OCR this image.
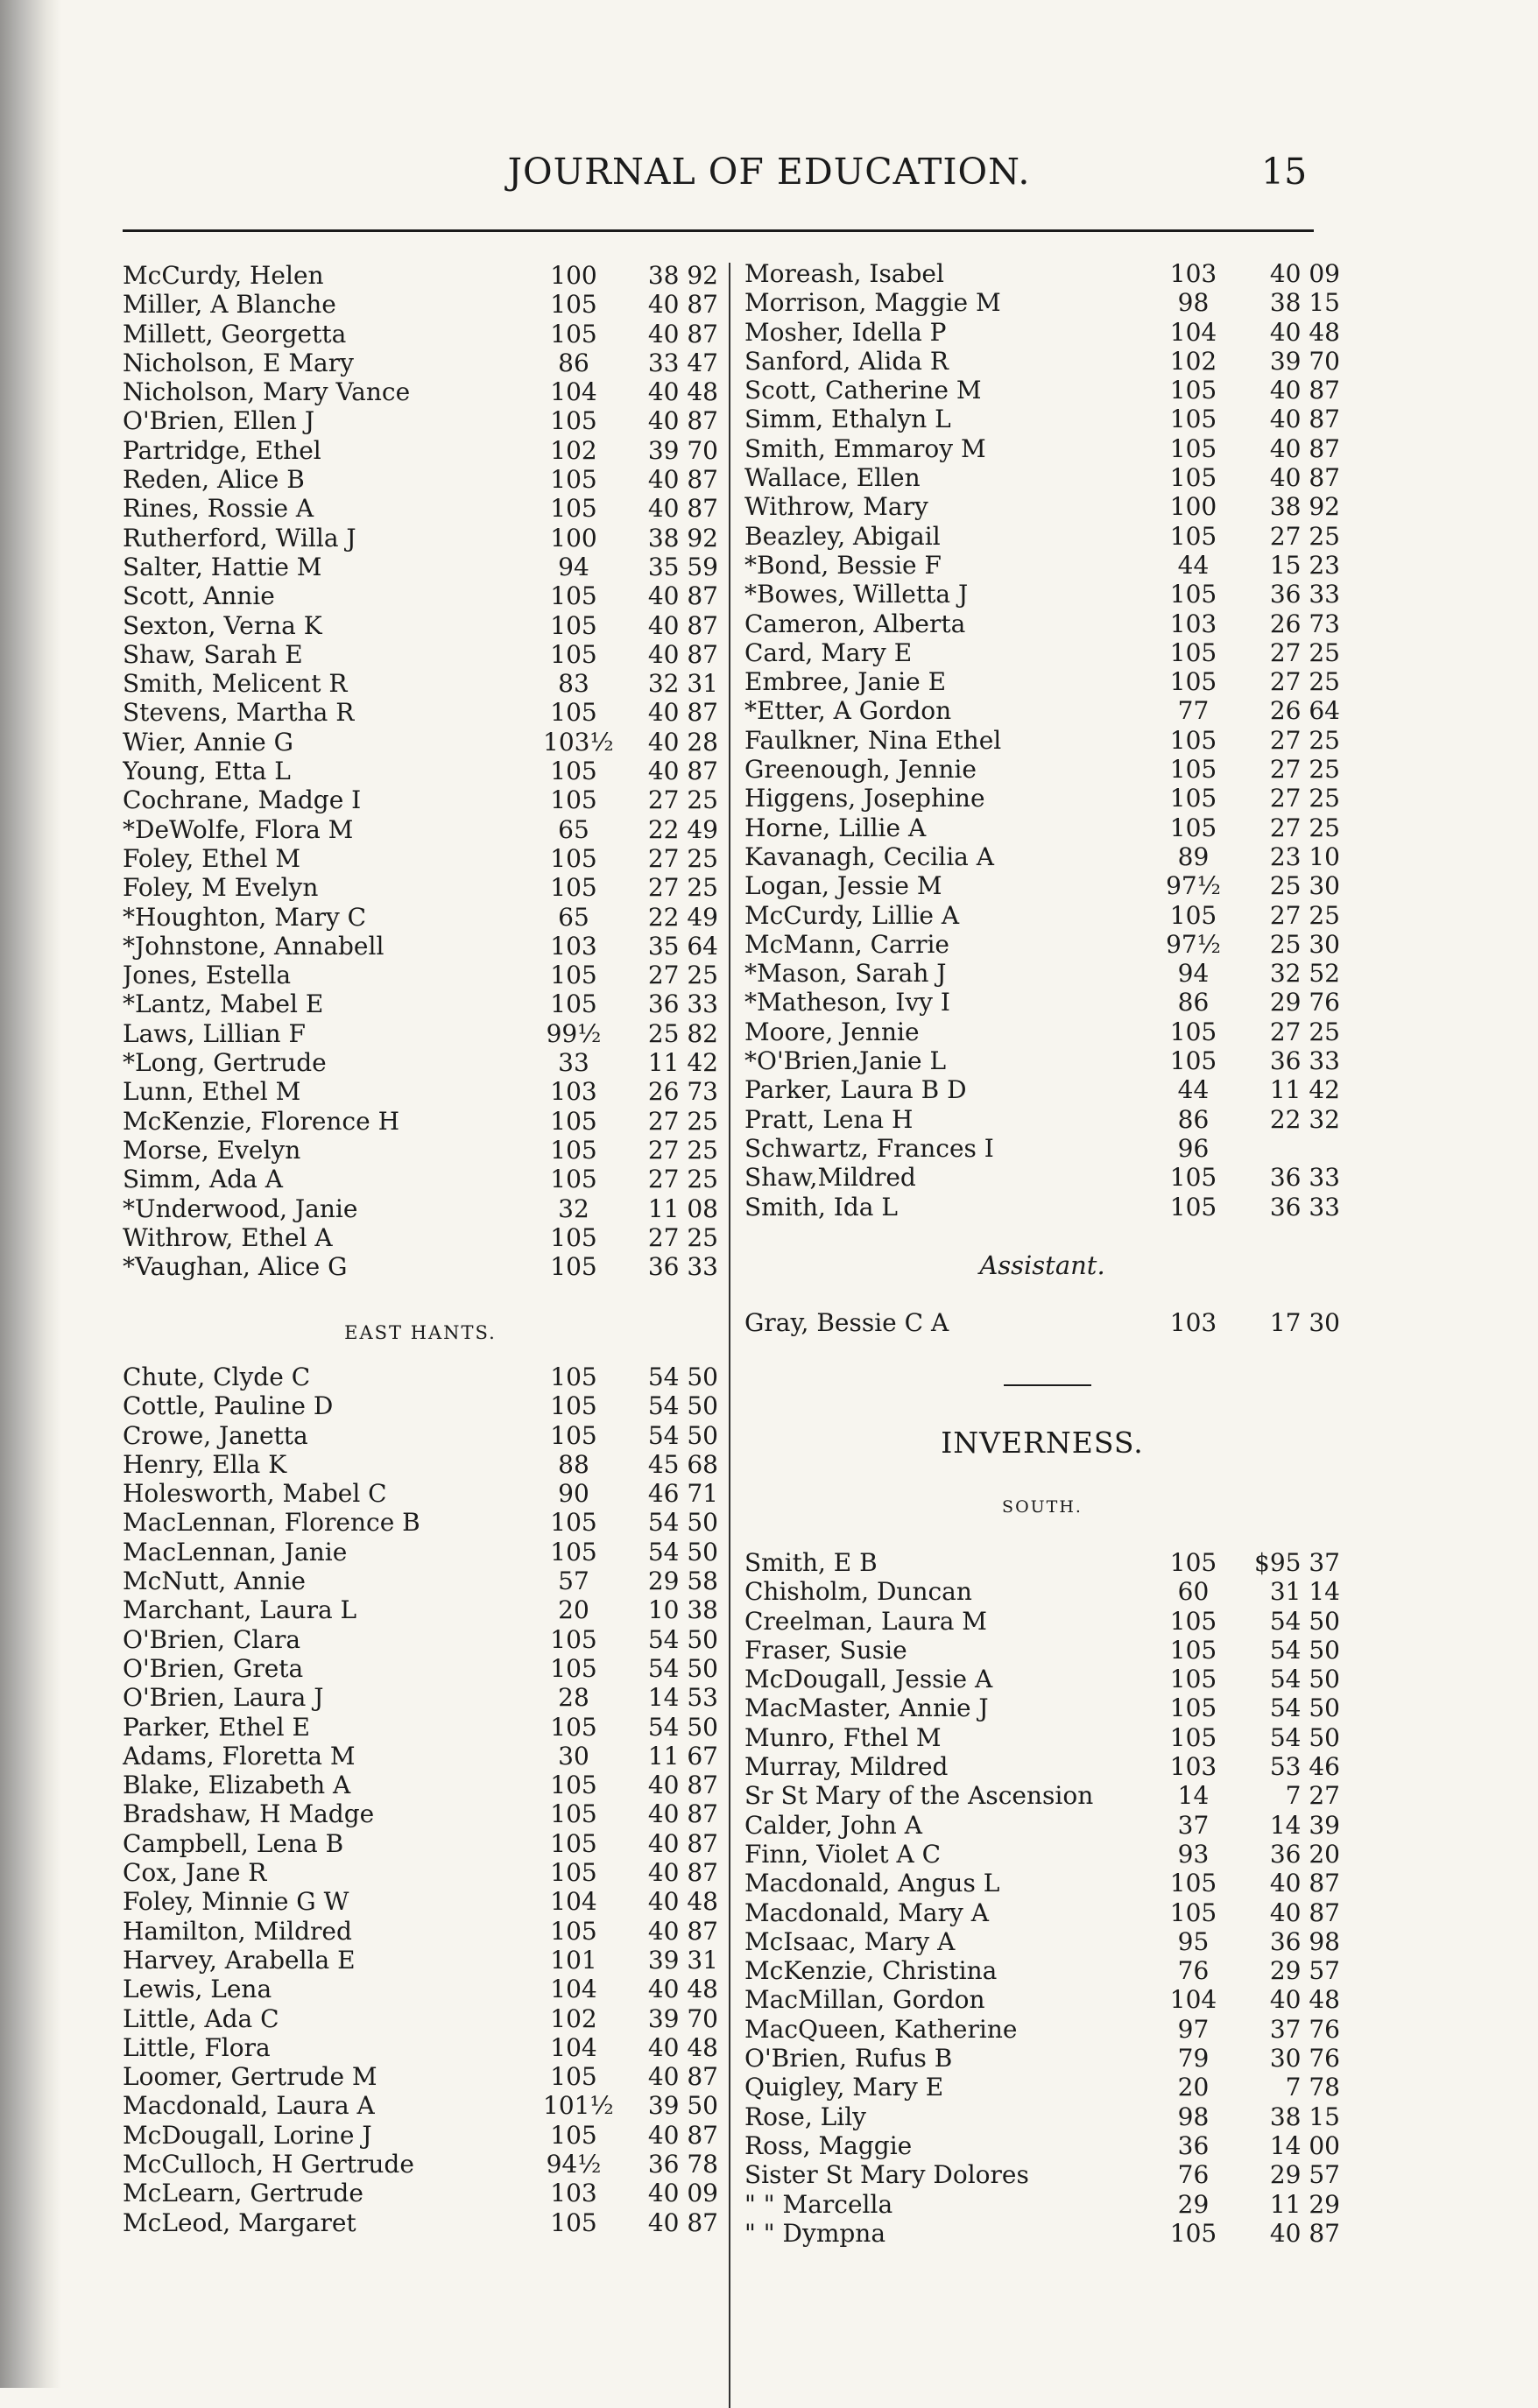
JOURNAL OF EDUCATION.	15
McCurdy, Helen	100	38 92
Miller, A Blanche	105	40 87
Millett, Georgetta	105	40 87
Nicholson, E Mary	86	33 47
Nicholson, Mary Vance	104	40 48
O'Brien, Ellen J	105	40 87
Partridge, Ethel	102	39 70
Reden, Alice B	105	40 87
Rines, Rossie A	105	40 87
Rutherford, Willa J	100	38 92
Salter, Hattie M	94	35 59
Scott, Annie	105	40 87
Sexton, Verna K	105	40 87
Shaw, Sarah E	105	40 87
Smith, Melicent R	83	32 31
Stevens, Martha R	105	40 87
Wier, Annie G	103½	40 28
Young, Etta L	105	40 87
Cochrane, Madge I	105	27 25
*DeWolfe, Flora M	65	22 49
Foley, Ethel M	105	27 25
Foley, M Evelyn	105	27 25
*Houghton, Mary C	65	22 49
*Johnstone, Annabell	103	35 64
Jones, Estella	105	27 25
*Lantz, Mabel E	105	36 33
Laws, Lillian F	99½	25 82
*Long, Gertrude	33	11 42
Lunn, Ethel M	103	26 73
McKenzie, Florence H	105	27 25
Morse, Evelyn	105	27 25
Simm, Ada A	105	27 25
*Underwood, Janie	32	11 08
Withrow, Ethel A	105	27 25
*Vaughan, Alice G	105	36 33
EAST HANTS.
Chute, Clyde C	105	54 50
Cottle, Pauline D	105	54 50
Crowe, Janetta	105	54 50
Henry, Ella K	88	45 68
Holesworth, Mabel C	90	46 71
MacLennan, Florence B	105	54 50
MacLennan, Janie	105	54 50
McNutt, Annie	57	29 58
Marchant, Laura L	20	10 38
O'Brien, Clara	105	54 50
O'Brien, Greta	105	54 50
O'Brien, Laura J	28	14 53
Parker, Ethel E	105	54 50
Adams, Floretta M	30	11 67
Blake, Elizabeth A	105	40 87
Bradshaw, H Madge	105	40 87
Campbell, Lena B	105	40 87
Cox, Jane R	105	40 87
Foley, Minnie G W	104	40 48
Hamilton, Mildred	105	40 87
Harvey, Arabella E	101	39 31
Lewis, Lena	104	40 48
Little, Ada C	102	39 70
Little, Flora	104	40 48
Loomer, Gertrude M	105	40 87
Macdonald, Laura A	101½	39 50
McDougall, Lorine J	105	40 87
McCulloch, H Gertrude	94½	36 78
McLearn, Gertrude	103	40 09
McLeod, Margaret	105	40 87
Moreash, Isabel	103	40 09
Morrison, Maggie M	98	38 15
Mosher, Idella P	104	40 48
Sanford, Alida R	102	39 70
Scott, Catherine M	105	40 87
Simm, Ethalyn L	105	40 87
Smith, Emmaroy M	105	40 87
Wallace, Ellen	105	40 87
Withrow, Mary	100	38 92
Beazley, Abigail	105	27 25
*Bond, Bessie F	44	15 23
*Bowes, Willetta J	105	36 33
Cameron, Alberta	103	26 73
Card, Mary E	105	27 25
Embree, Janie E	105	27 25
*Etter, A Gordon	77	26 64
Faulkner, Nina Ethel	105	27 25
Greenough, Jennie	105	27 25
Higgens, Josephine	105	27 25
Horne, Lillie A	105	27 25
Kavanagh, Cecilia A	89	23 10
Logan, Jessie M	97½	25 30
McCurdy, Lillie A	105	27 25
McMann, Carrie	97½	25 30
*Mason, Sarah J	94	32 52
*Matheson, Ivy I	86	29 76
Moore, Jennie	105	27 25
*O'Brien,Janie L	105	36 33
Parker, Laura B D	44	11 42
Pratt, Lena H	86	22 32
Schwartz, Frances I	96
Shaw,Mildred	105	36 33
Smith, Ida L	105	36 33
Assistant.
Gray, Bessie C A	103	17 30
INVERNESS.
SOUTH.
Smith, E B	105	$95 37
Chisholm, Duncan	60	31 14
Creelman, Laura M	105	54 50
Fraser, Susie	105	54 50
McDougall, Jessie A	105	54 50
MacMaster, Annie J	105	54 50
Munro, Fthel M	105	54 50
Murray, Mildred	103	53 46
Sr St Mary of the Ascension	14	7 27
Calder, John A	37	14 39
Finn, Violet A C	93	36 20
Macdonald, Angus L	105	40 87
Macdonald, Mary A	105	40 87
McIsaac, Mary A	95	36 98
McKenzie, Christina	76	29 57
MacMillan, Gordon	104	40 48
MacQueen, Katherine	97	37 76
O'Brien, Rufus B	79	30 76
Quigley, Mary E	20	7 78
Rose, Lily	98	38 15
Ross, Maggie	36	14 00
Sister St Mary Dolores	76	29 57
" " Marcella	29	11 29
" " Dympna	105	40 87
